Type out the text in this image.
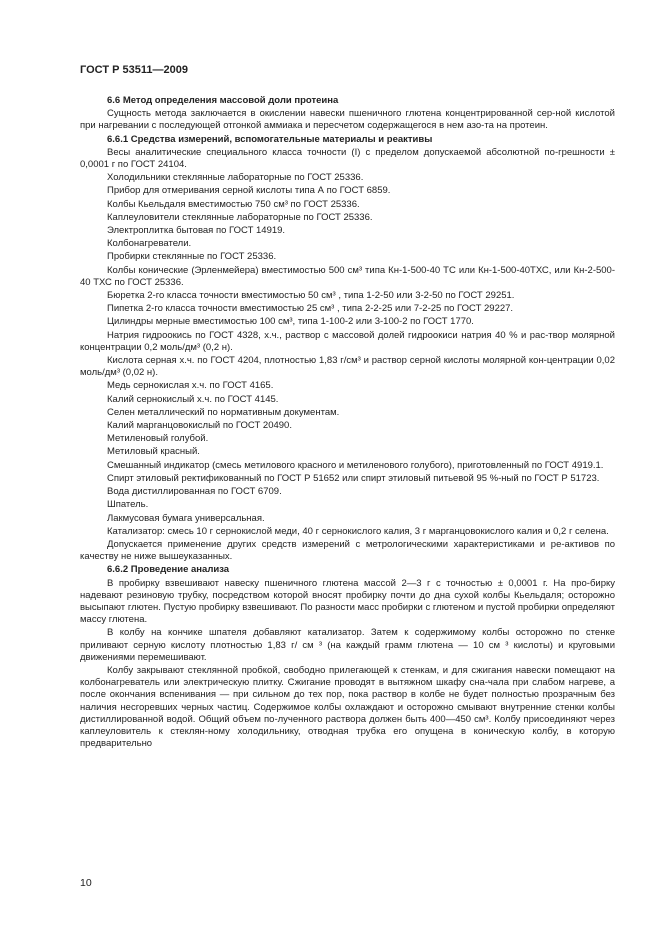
ГОСТ Р 53511—2009

6.6 Метод определения массовой доли протеина

Сущность метода заключается в окислении навески пшеничного глютена концентрированной сер-ной кислотой при нагревании с последующей отгонкой аммиака и пересчетом содержащегося в нем азо-та на протеин.

6.6.1 Средства измерений, вспомогательные материалы и реактивы

Весы аналитические специального класса точности (I) с пределом допускаемой абсолютной по-грешности ± 0,0001 г по ГОСТ 24104.

Холодильники стеклянные лабораторные по ГОСТ 25336.

Прибор для отмеривания серной кислоты типа А по ГОСТ 6859.

Колбы Кьельдаля вместимостью 750 см³ по ГОСТ 25336.

Каплеуловители стеклянные лабораторные по ГОСТ 25336.

Электроплитка бытовая по ГОСТ 14919.

Колбонагреватели.

Пробирки стеклянные по ГОСТ 25336.

Колбы конические (Эрленмейера) вместимостью 500 см³ типа Кн-1-500-40 ТС или Кн-1-500-40ТХС, или Кн-2-500-40 ТХС по ГОСТ 25336.

Бюретка 2-го класса точности вместимостью 50 см³ , типа 1-2-50 или 3-2-50 по ГОСТ 29251.

Пипетка 2-го класса точности вместимостью 25 см³ , типа 2-2-25 или 7-2-25 по ГОСТ 29227.

Цилиндры мерные вместимостью 100 см³, типа 1-100-2 или 3-100-2 по ГОСТ 1770.

Натрия гидроокись по ГОСТ 4328, х.ч., раствор с массовой долей гидроокиси натрия 40 % и рас-твор молярной концентрации 0,2 моль/дм³ (0,2 н).

Кислота серная х.ч. по ГОСТ 4204, плотностью 1,83 г/см³ и раствор серной кислоты молярной кон-центрации 0,02 моль/дм³ (0,02 н).

Медь сернокислая х.ч. по ГОСТ 4165.

Калий сернокислый х.ч. по ГОСТ 4145.

Селен металлический по нормативным документам.

Калий марганцовокислый по ГОСТ 20490.

Метиленовый голубой.

Метиловый красный.

Смешанный индикатор (смесь метилового красного и метиленового голубого), приготовленный по ГОСТ 4919.1.

Спирт этиловый ректификованный по ГОСТ Р 51652 или спирт этиловый питьевой 95 %-ный по ГОСТ Р 51723.

Вода дистиллированная по ГОСТ 6709.

Шпатель.

Лакмусовая бумага универсальная.

Катализатор: смесь 10 г сернокислой меди, 40 г сернокислого калия, 3 г марганцовокислого калия и 0,2 г селена.

Допускается применение других средств измерений с метрологическими характеристиками и ре-активов по качеству не ниже вышеуказанных.

6.6.2 Проведение анализа

В пробирку взвешивают навеску пшеничного глютена массой 2—3 г с точностью ± 0,0001 г. На про-бирку надевают резиновую трубку, посредством которой вносят пробирку почти до дна сухой колбы Кьельдаля; осторожно высыпают глютен. Пустую пробирку взвешивают. По разности масс пробирки с глютеном и пустой пробирки определяют массу глютена.

В колбу на кончике шпателя добавляют катализатор. Затем к содержимому колбы осторожно по стенке приливают серную кислоту плотностью 1,83 г/ см ³ (на каждый грамм глютена — 10 см ³ кислоты) и круговыми движениями перемешивают.

Колбу закрывают стеклянной пробкой, свободно прилегающей к стенкам, и для сжигания навески помещают на колбонагреватель или электрическую плитку. Сжигание проводят в вытяжном шкафу сна-чала при слабом нагреве, а после окончания вспенивания — при сильном до тех пор, пока раствор в колбе не будет полностью прозрачным без наличия несгоревших черных частиц. Содержимое колбы охлаждают и осторожно смывают внутренние стенки колбы дистиллированной водой. Общий объем по-лученного раствора должен быть 400—450 см³. Колбу присоединяют через каплеуловитель к стеклян-ному холодильнику, отводная трубка его опущена в коническую колбу, в которую предварительно

10
